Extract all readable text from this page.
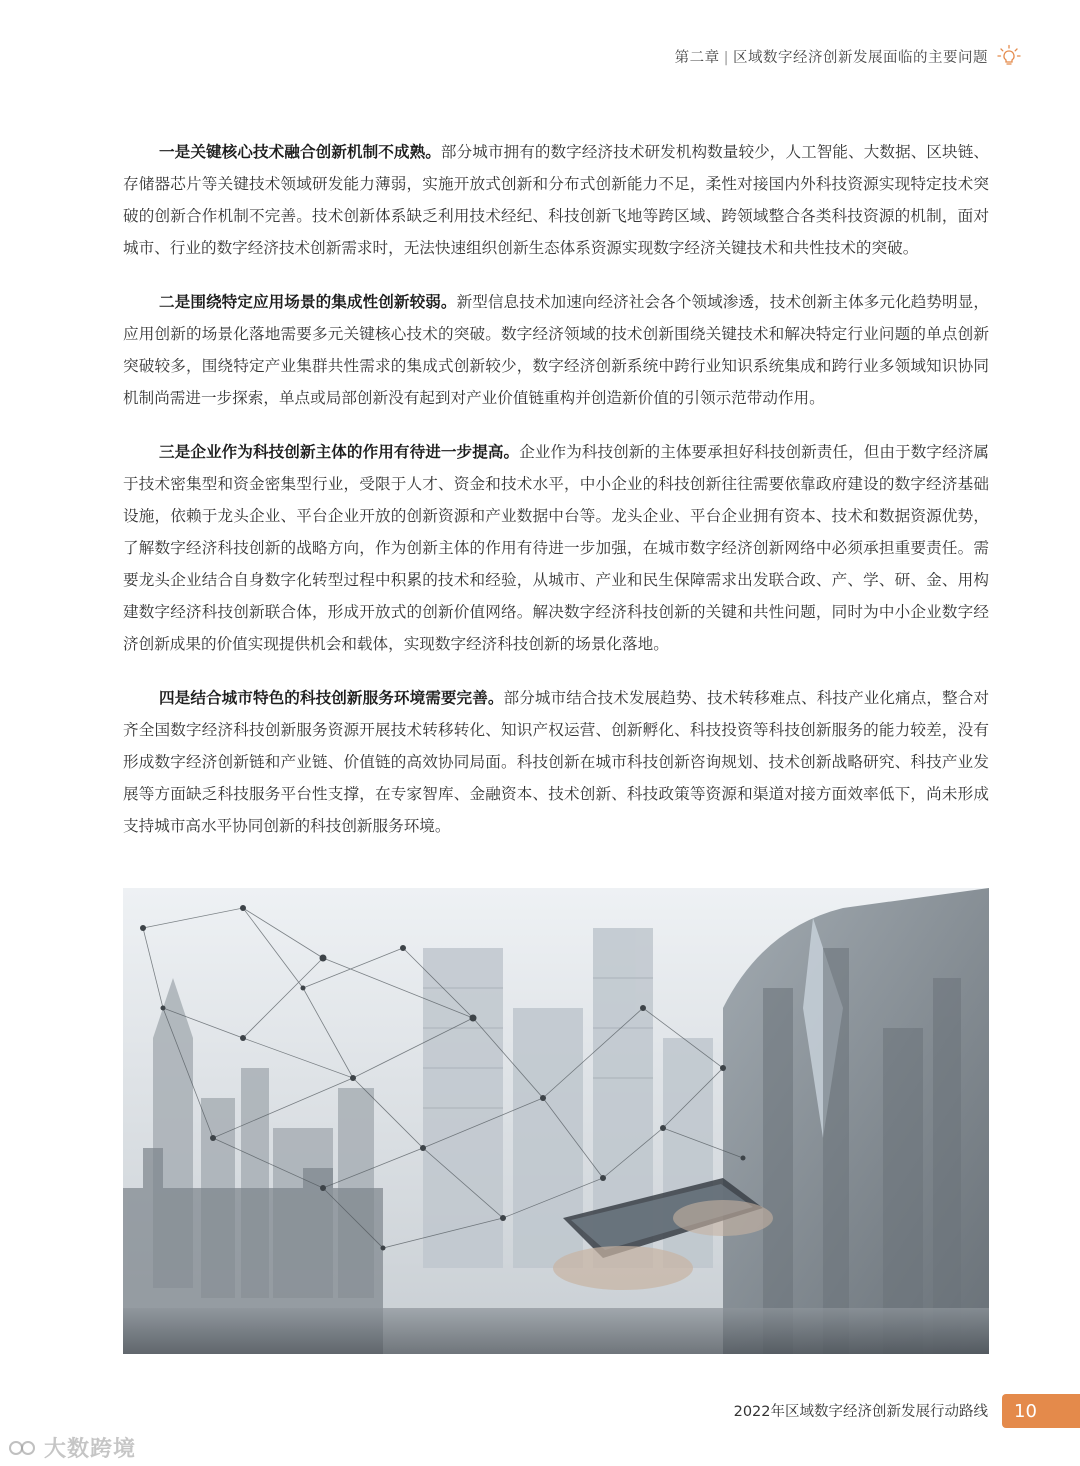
第二章 | 区域数字经济创新发展面临的主要问题

一是关键核心技术融合创新机制不成熟。部分城市拥有的数字经济技术研发机构数量较少，人工智能、大数据、区块链、存储器芯片等关键技术领域研发能力薄弱，实施开放式创新和分布式创新能力不足，柔性对接国内外科技资源实现特定技术突破的创新合作机制不完善。技术创新体系缺乏利用技术经纪、科技创新飞地等跨区域、跨领域整合各类科技资源的机制，面对城市、行业的数字经济技术创新需求时，无法快速组织创新生态体系资源实现数字经济关键技术和共性技术的突破。

二是围绕特定应用场景的集成性创新较弱。新型信息技术加速向经济社会各个领域渗透，技术创新主体多元化趋势明显，应用创新的场景化落地需要多元关键核心技术的突破。数字经济领域的技术创新围绕关键技术和解决特定行业问题的单点创新突破较多，围绕特定产业集群共性需求的集成式创新较少，数字经济创新系统中跨行业知识系统集成和跨行业多领域知识协同机制尚需进一步探索，单点或局部创新没有起到对产业价值链重构并创造新价值的引领示范带动作用。

三是企业作为科技创新主体的作用有待进一步提高。企业作为科技创新的主体要承担好科技创新责任，但由于数字经济属于技术密集型和资金密集型行业，受限于人才、资金和技术水平，中小企业的科技创新往往需要依靠政府建设的数字经济基础设施，依赖于龙头企业、平台企业开放的创新资源和产业数据中台等。龙头企业、平台企业拥有资本、技术和数据资源优势，了解数字经济科技创新的战略方向，作为创新主体的作用有待进一步加强，在城市数字经济创新网络中必须承担重要责任。需要龙头企业结合自身数字化转型过程中积累的技术和经验，从城市、产业和民生保障需求出发联合政、产、学、研、金、用构建数字经济科技创新联合体，形成开放式的创新价值网络。解决数字经济科技创新的关键和共性问题，同时为中小企业数字经济创新成果的价值实现提供机会和载体，实现数字经济科技创新的场景化落地。

四是结合城市特色的科技创新服务环境需要完善。部分城市结合技术发展趋势、技术转移难点、科技产业化痛点，整合对齐全国数字经济科技创新服务资源开展技术转移转化、知识产权运营、创新孵化、科技投资等科技创新服务的能力较差，没有形成数字经济创新链和产业链、价值链的高效协同局面。科技创新在城市科技创新咨询规划、技术创新战略研究、科技产业发展等方面缺乏科技服务平台性支撑，在专家智库、金融资本、技术创新、科技政策等资源和渠道对接方面效率低下，尚未形成支持城市高水平协同创新的科技创新服务环境。

2022年区域数字经济创新发展行动路线	10
大数跨境
